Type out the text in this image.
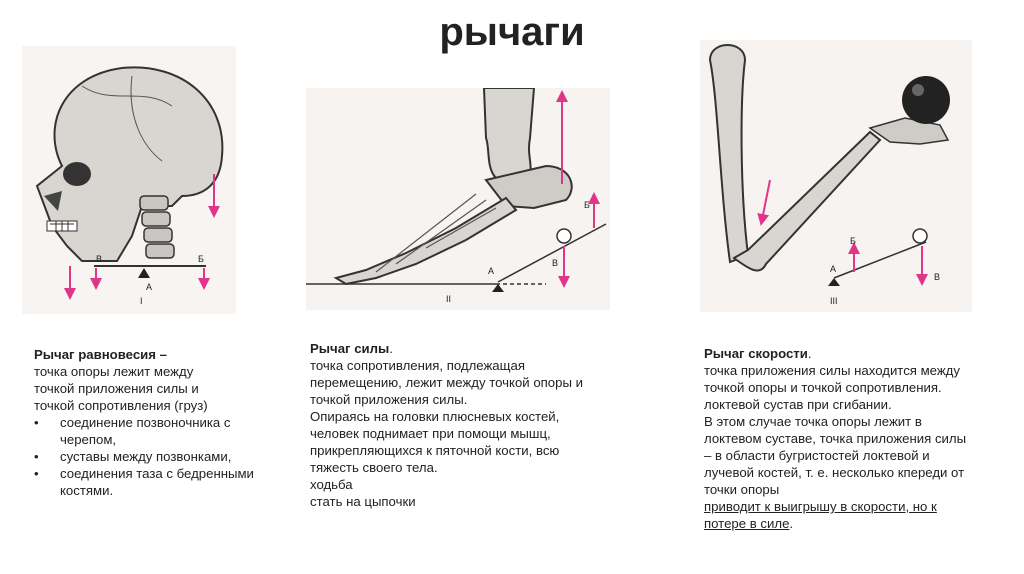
рычаги
В	Б
А
I
А
Б
В
II
А
Б
В
III

Рычаг равновесия –

точка опоры лежит между

точкой приложения силы и

точкой сопротивления (груз)

• соединение позвоночника с черепом,
• суставы между позвонками,
• соединения таза с бедренными костями.

Рычаг силы.

точка сопротивления, подлежащая перемещению, лежит между точкой опоры и точкой приложения силы.

Опираясь на головки плюсневых костей, человек поднимает при помощи мышц, прикрепляющихся к пяточной кости, всю тяжесть своего тела.

ходьба

стать на цыпочки

Рычаг скорости.

точка приложения силы находится между точкой опоры и точкой сопротивления.

локтевой сустав при сгибании.

В этом случае точка опоры лежит в локтевом суставе, точка приложения силы – в области бугристостей локтевой и лучевой костей, т. е. несколько кпереди от точки опоры

приводит к выигрышу в скорости, но к потере в силе.
